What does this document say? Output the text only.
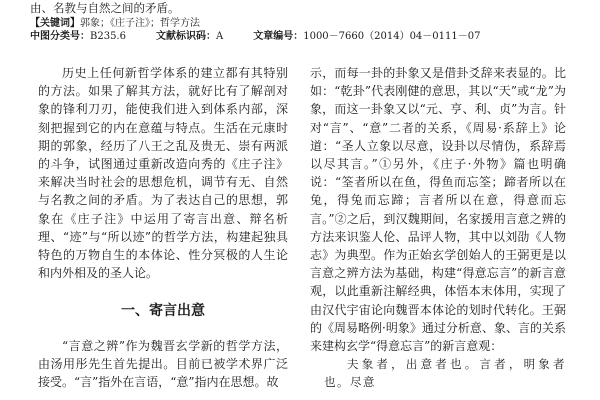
由、名教与自然之间的矛盾。
【关键词】郭象；《庄子注》；哲学方法
中图分类号：B235.6	文献标识码：A	文章编号：1000－7660（2014）04－0111－07

历史上任何新哲学体系的建立都有其特别的方法。如果了解其方法，就好比有了解剖对象的锋利刀刃，能使我们进入到体系内部，深刻把握到它的内在意蕴与特点。生活在元康时期的郭象，经历了八王之乱及贵无、崇有两派的斗争，试图通过重新改造向秀的《庄子注》来解决当时社会的思想危机，调节有无、自然与名教之间的矛盾。为了表达自己的思想，郭象在《庄子注》中运用了寄言出意、辩名析理、“迹”与“所以迹”的哲学方法，构建起独具特色的万物自生的本体论、性分冥极的人生论和内外相及的圣人论。

一、寄言出意

“言意之辨”作为魏晋玄学新的哲学方法，由汤用彤先生首先提出。目前已被学术界广泛接受。“言”指外在言语，“意”指内在思想。故

示，而每一卦的卦象又是借卦爻辞来表显的。比如：“乾卦”代表刚健的意思，其以“天”或“龙”为象，而这一卦象又以“元、亨、利、贞”为言。针对“言”、“意”二者的关系，《周易·系辞上》论道：“圣人立象以尽意，设卦以尽情伪，系辞焉以尽其言。”①另外，《庄子·外物》篇也明确说：“筌者所以在鱼，得鱼而忘筌；蹄者所以在兔，得兔而忘蹄；言者所以在意，得意而忘言。”②之后，到汉魏期间，名家援用言意之辨的方法来识鉴人伦、品评人物，其中以刘劭《人物志》为典型。作为正始玄学创始人的王弼更是以言意之辨方法为基础，构建“得意忘言”的新言意观，以此重新注解经典，体悟本末体用，实现了由汉代宇宙论向魏晋本体论的划时代转化。王弼的《周易略例·明象》通过分析意、象、言的关系来建构玄学“得意忘言”的新言意观：

夫象者，出意者也。言者，明象者也。尽意
